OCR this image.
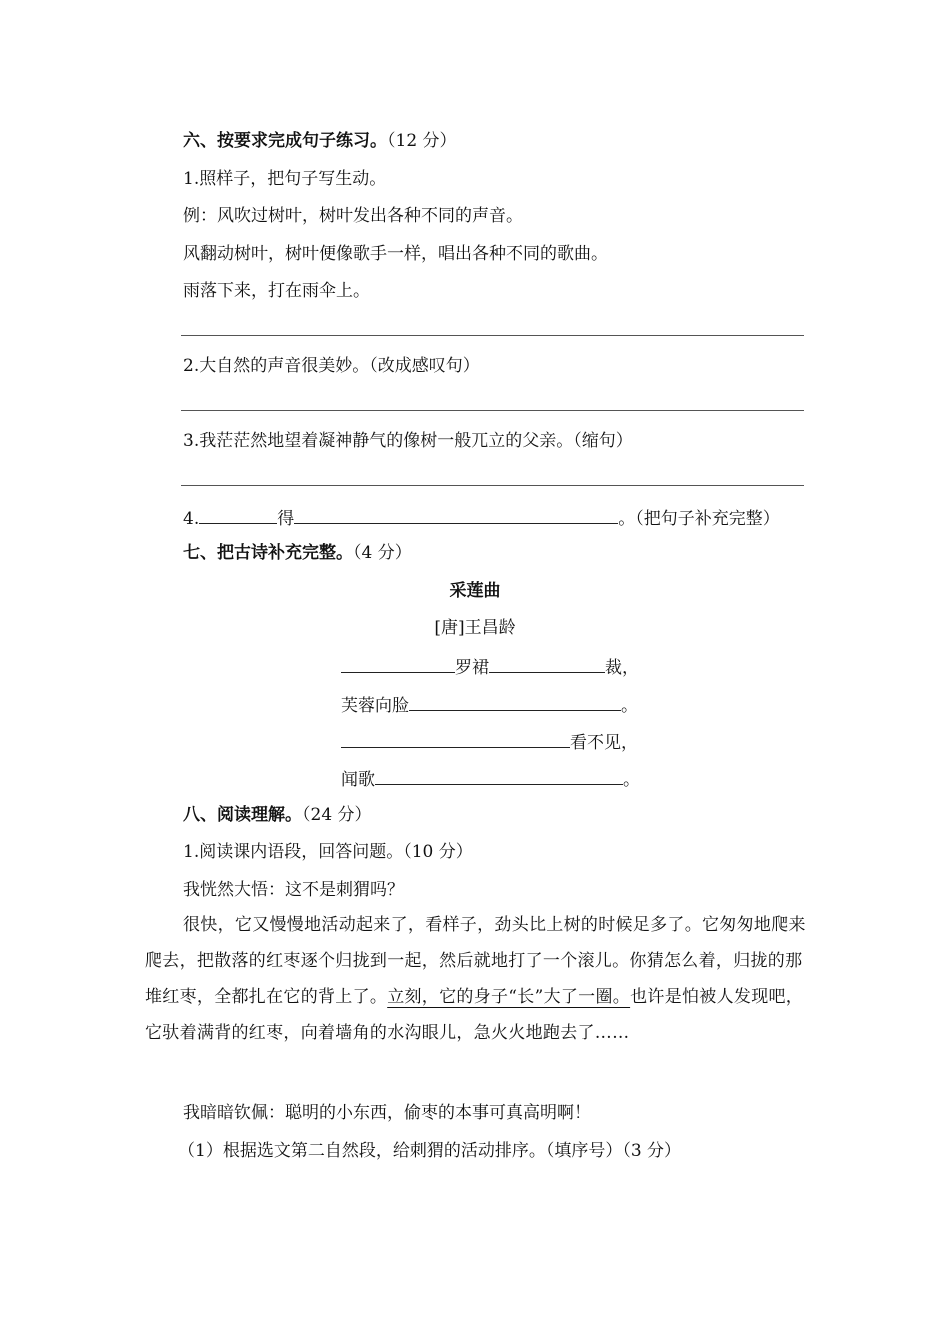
六、按要求完成句子练习。（12 分）
1.照样子，把句子写生动。
例：风吹过树叶，树叶发出各种不同的声音。
风翻动树叶，树叶便像歌手一样，唱出各种不同的歌曲。
雨落下来，打在雨伞上。
2.大自然的声音很美妙。（改成感叹句）
3.我茫茫然地望着凝神静气的像树一般兀立的父亲。（缩句）
4.	得	。（把句子补充完整）
七、把古诗补充完整。（4 分）
采莲曲
[唐]王昌龄
罗裙	裁，
芙蓉向脸	。
看不见，
闻歌	。
八、阅读理解。（24 分）
1.阅读课内语段，回答问题。（10 分）
我恍然大悟：这不是刺猬吗？
很快，它又慢慢地活动起来了，看样子，劲头比上树的时候足多了。它匆匆地爬来爬去，把散落的红枣逐个归拢到一起，然后就地打了一个滚儿。你猜怎么着，归拢的那堆红枣，全都扎在它的背上了。立刻，它的身子“长”大了一圈。也许是怕被人发现吧，它驮着满背的红枣，向着墙角的水沟眼儿，急火火地跑去了……
我暗暗钦佩：聪明的小东西，偷枣的本事可真高明啊！
（1）根据选文第二自然段，给刺猬的活动排序。（填序号）（3 分）
